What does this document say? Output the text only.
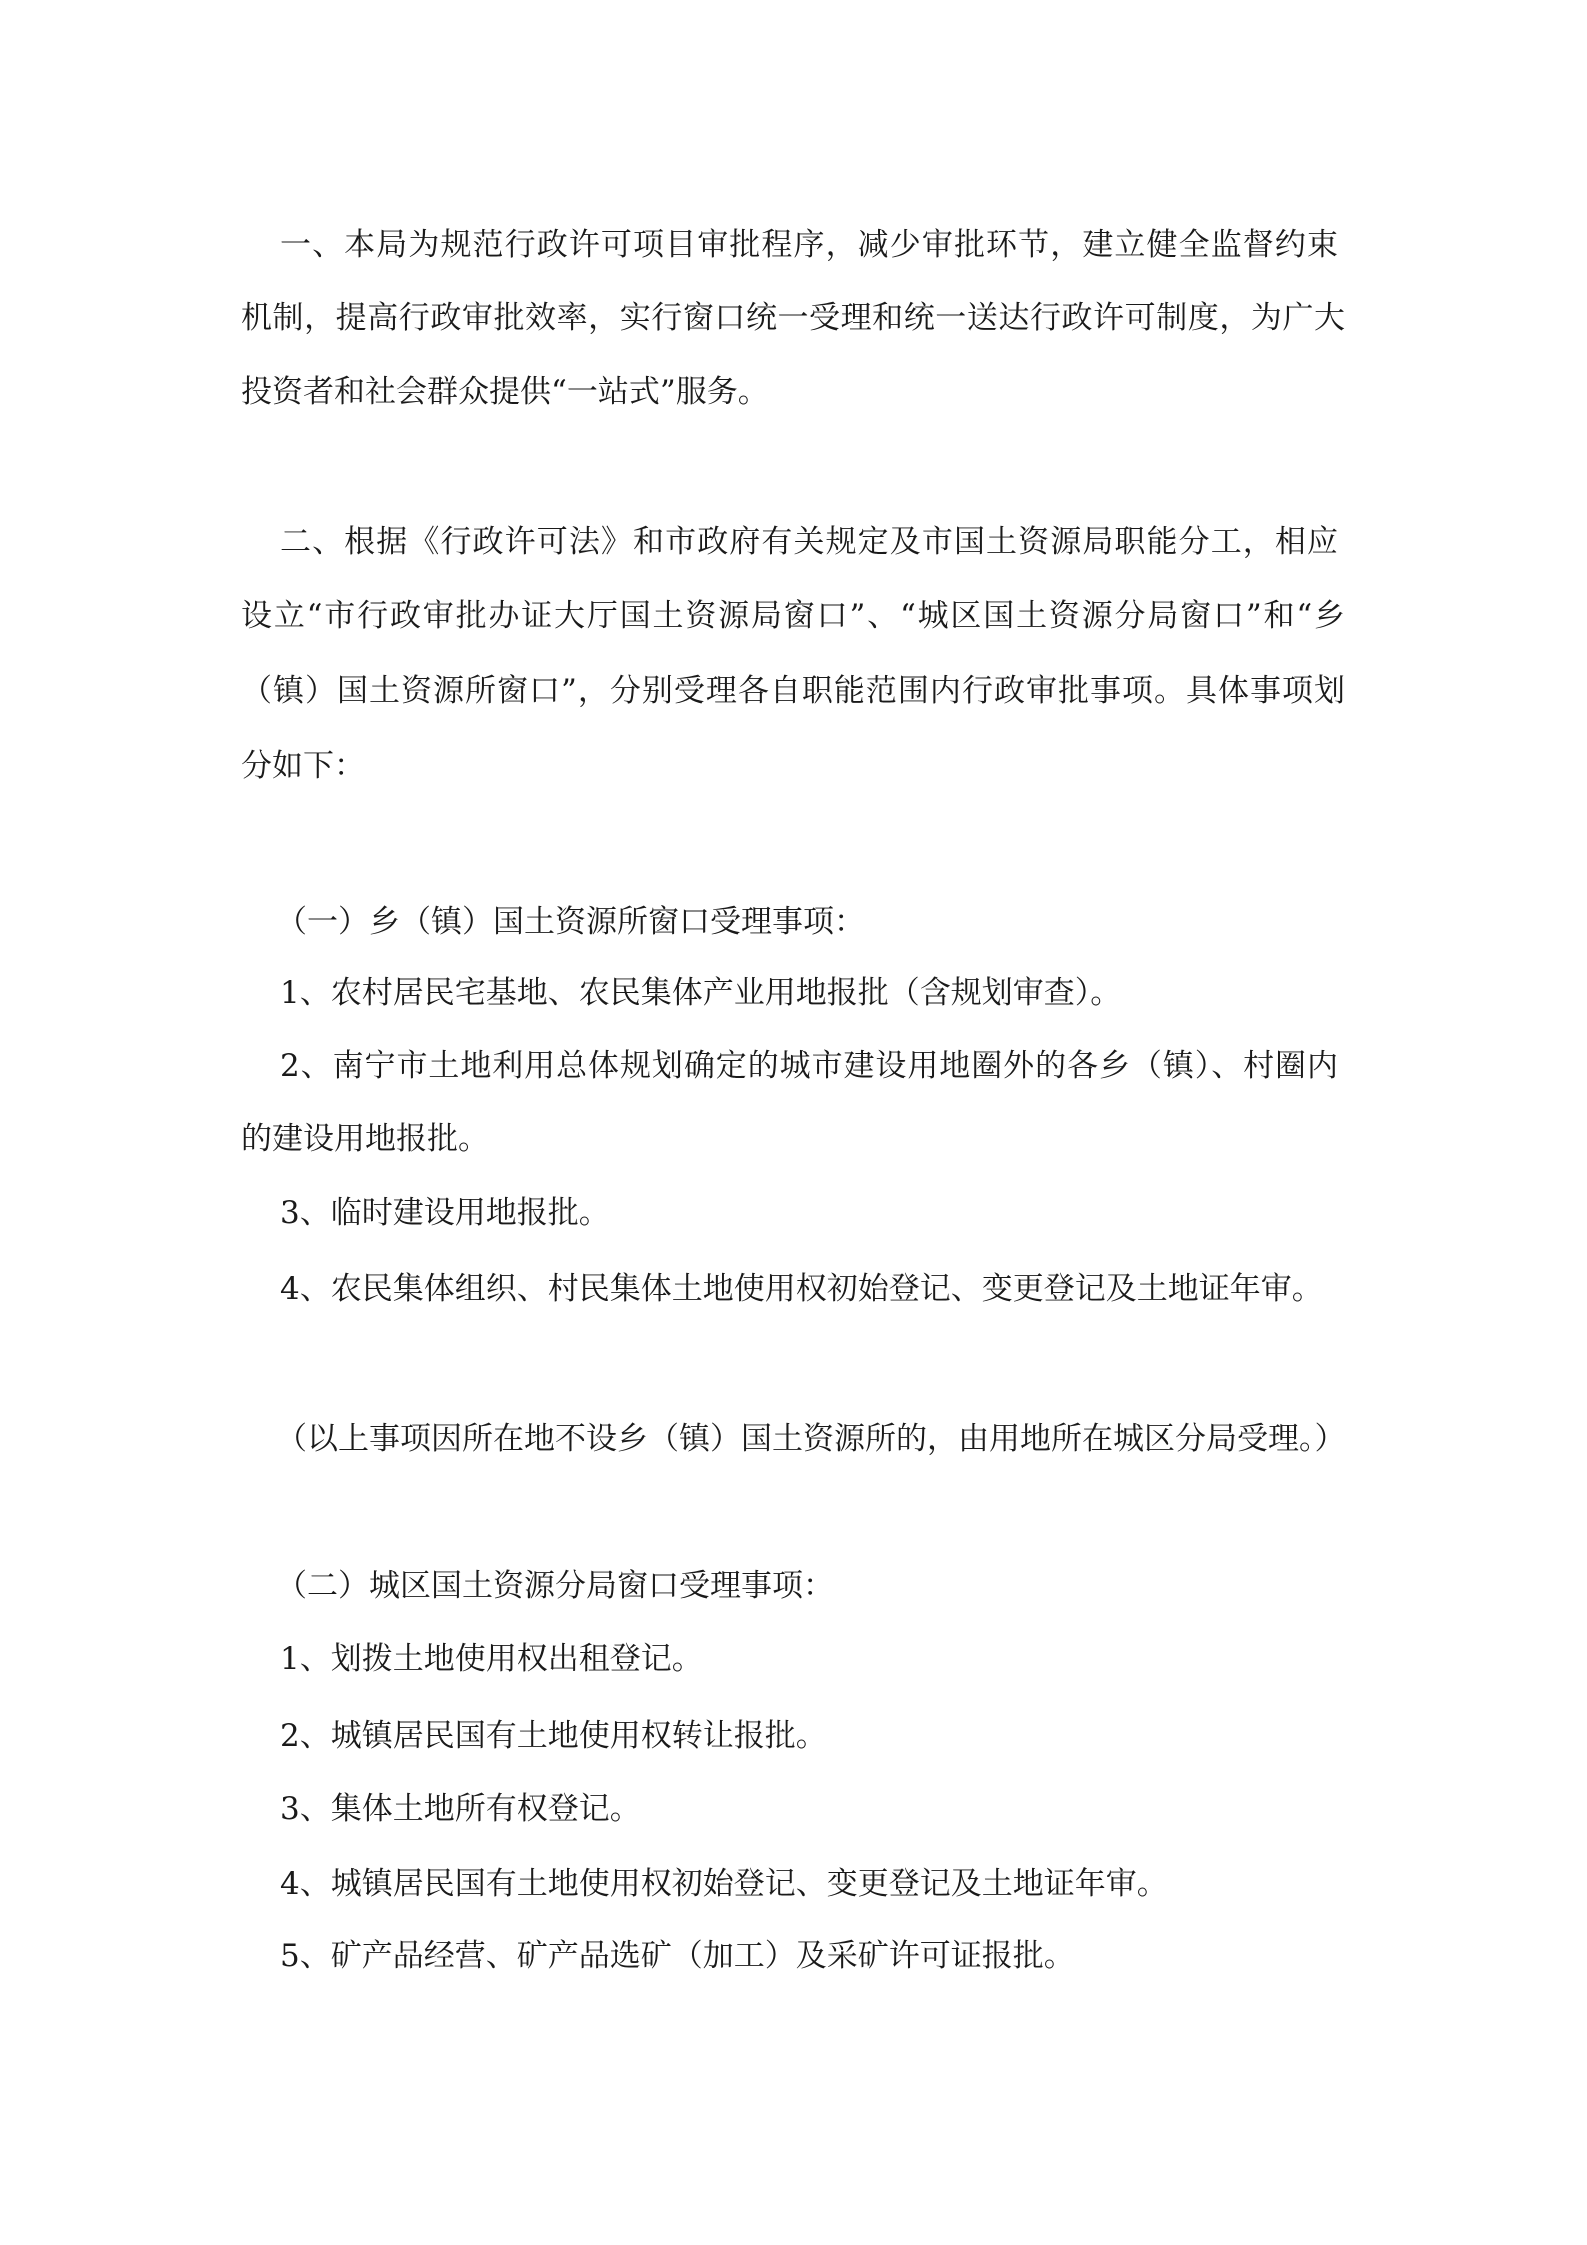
一、本局为规范行政许可项目审批程序，减少审批环节，建立健全监督约束
机制，提高行政审批效率，实行窗口统一受理和统一送达行政许可制度，为广大
投资者和社会群众提供“一站式”服务。
二、根据《行政许可法》和市政府有关规定及市国土资源局职能分工，相应
设立“市行政审批办证大厅国土资源局窗口”、“城区国土资源分局窗口”和“乡
（镇）国土资源所窗口”，分别受理各自职能范围内行政审批事项。具体事项划
分如下：
（一）乡（镇）国土资源所窗口受理事项：
1、农村居民宅基地、农民集体产业用地报批（含规划审查）。
2、南宁市土地利用总体规划确定的城市建设用地圈外的各乡（镇）、村圈内
的建设用地报批。
3、临时建设用地报批。
4、农民集体组织、村民集体土地使用权初始登记、变更登记及土地证年审。
（以上事项因所在地不设乡（镇）国土资源所的，由用地所在城区分局受理。）
（二）城区国土资源分局窗口受理事项：
1、划拨土地使用权出租登记。
2、城镇居民国有土地使用权转让报批。
3、集体土地所有权登记。
4、城镇居民国有土地使用权初始登记、变更登记及土地证年审。
5、矿产品经营、矿产品选矿（加工）及采矿许可证报批。
